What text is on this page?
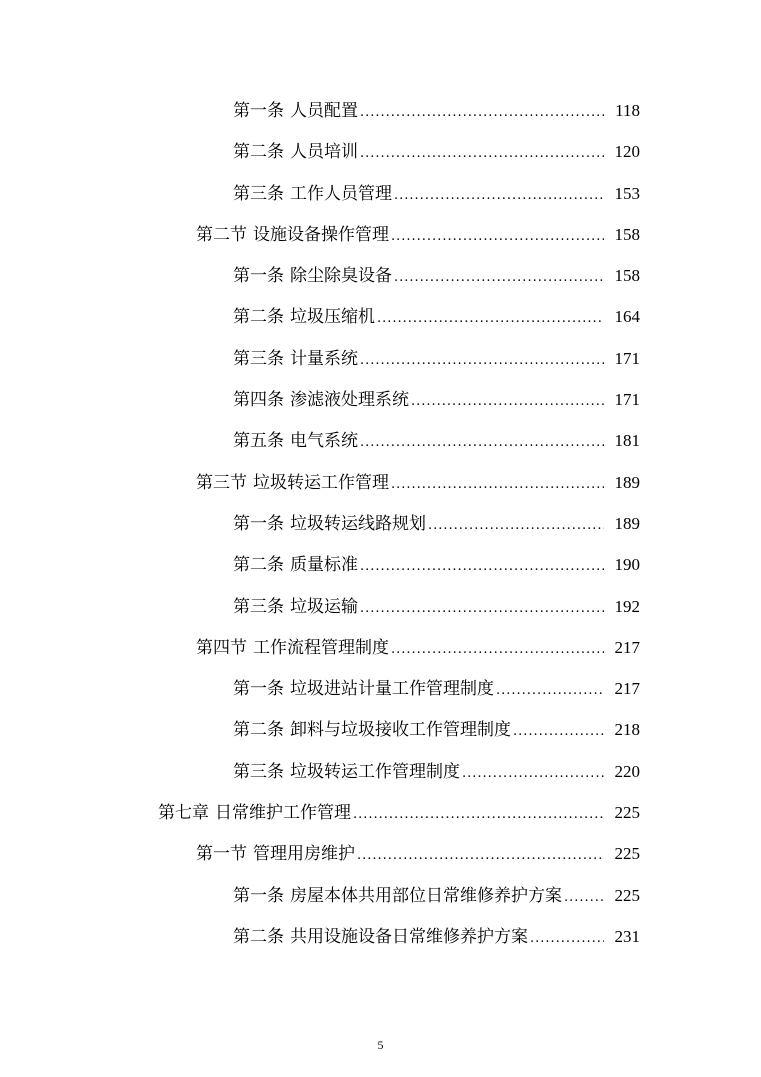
第一条 人员配置 .....	118
第二条 人员培训 .....	120
第三条 工作人员管理 .....	153
第二节 设施设备操作管理 .....	158
第一条 除尘除臭设备 .....	158
第二条 垃圾压缩机 .....	164
第三条 计量系统 .....	171
第四条 渗滤液处理系统 .....	171
第五条 电气系统 .....	181
第三节 垃圾转运工作管理 .....	189
第一条 垃圾转运线路规划 .....	189
第二条 质量标准 .....	190
第三条 垃圾运输 .....	192
第四节 工作流程管理制度 .....	217
第一条 垃圾进站计量工作管理制度 .....	217
第二条 卸料与垃圾接收工作管理制度 .....	218
第三条 垃圾转运工作管理制度 .....	220
第七章 日常维护工作管理 .....	225
第一节 管理用房维护 .....	225
第一条 房屋本体共用部位日常维修养护方案 .....	225
第二条 共用设施设备日常维修养护方案 .....	231
5
